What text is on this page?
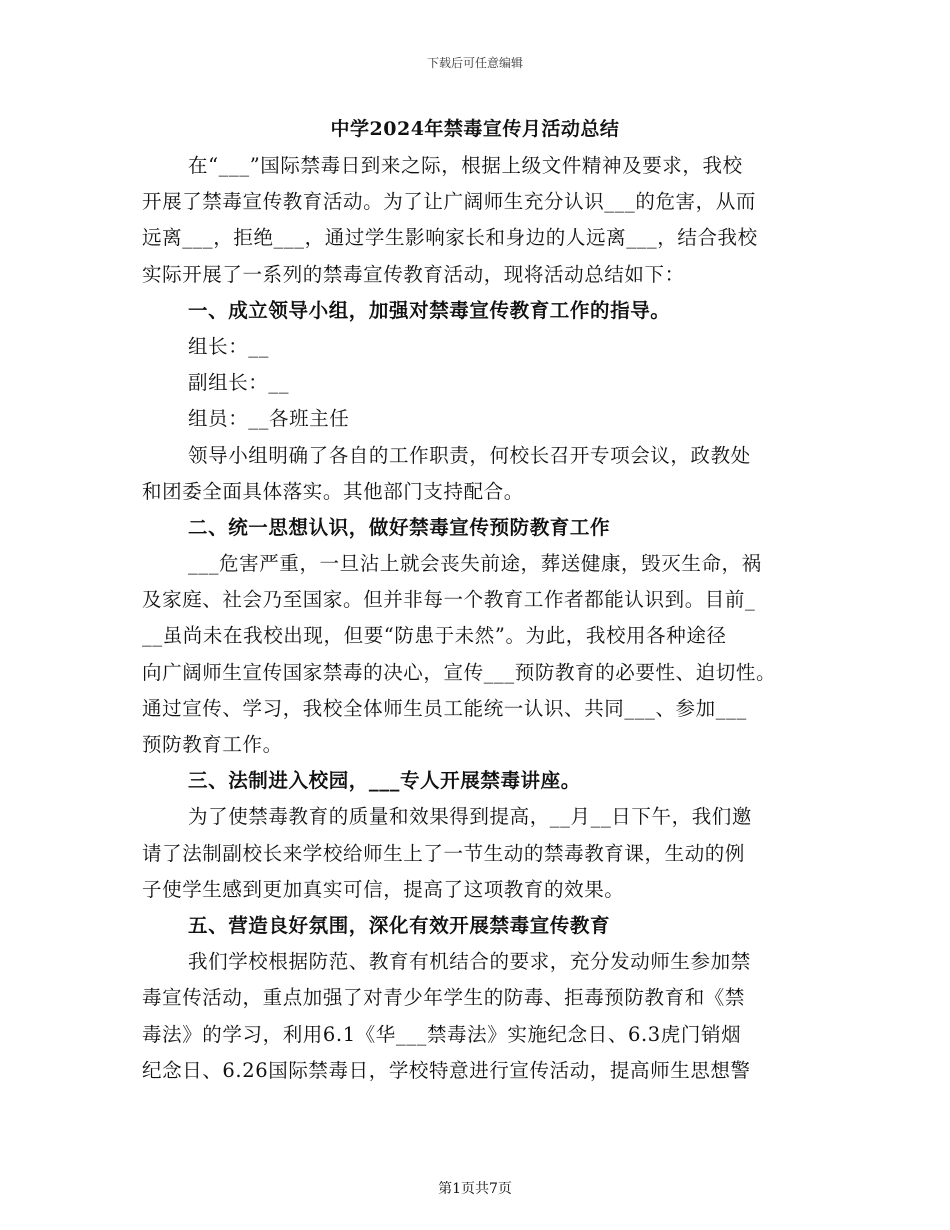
下载后可任意编辑
中学2024年禁毒宣传月活动总结
在“___”国际禁毒日到来之际，根据上级文件精神及要求，我校
开展了禁毒宣传教育活动。为了让广阔师生充分认识___的危害，从而
远离___，拒绝___，通过学生影响家长和身边的人远离___，结合我校
实际开展了一系列的禁毒宣传教育活动，现将活动总结如下：
一、成立领导小组，加强对禁毒宣传教育工作的指导。
组长：__
副组长：__
组员：__各班主任
领导小组明确了各自的工作职责，何校长召开专项会议，政教处
和团委全面具体落实。其他部门支持配合。
二、统一思想认识，做好禁毒宣传预防教育工作
___危害严重，一旦沾上就会丧失前途，葬送健康，毁灭生命，祸
及家庭、社会乃至国家。但并非每一个教育工作者都能认识到。目前_
__虽尚未在我校出现，但要“防患于未然”。为此，我校用各种途径
向广阔师生宣传国家禁毒的决心，宣传___预防教育的必要性、迫切性。
通过宣传、学习，我校全体师生员工能统一认识、共同___、参加___
预防教育工作。
三、法制进入校园，___专人开展禁毒讲座。
为了使禁毒教育的质量和效果得到提高，__月__日下午，我们邀
请了法制副校长来学校给师生上了一节生动的禁毒教育课，生动的例
子使学生感到更加真实可信，提高了这项教育的效果。
五、营造良好氛围，深化有效开展禁毒宣传教育
我们学校根据防范、教育有机结合的要求，充分发动师生参加禁
毒宣传活动，重点加强了对青少年学生的防毒、拒毒预防教育和《禁
毒法》的学习，利用6.1《华___禁毒法》实施纪念日、6.3虎门销烟
纪念日、6.26国际禁毒日，学校特意进行宣传活动，提高师生思想警
第1页共7页
